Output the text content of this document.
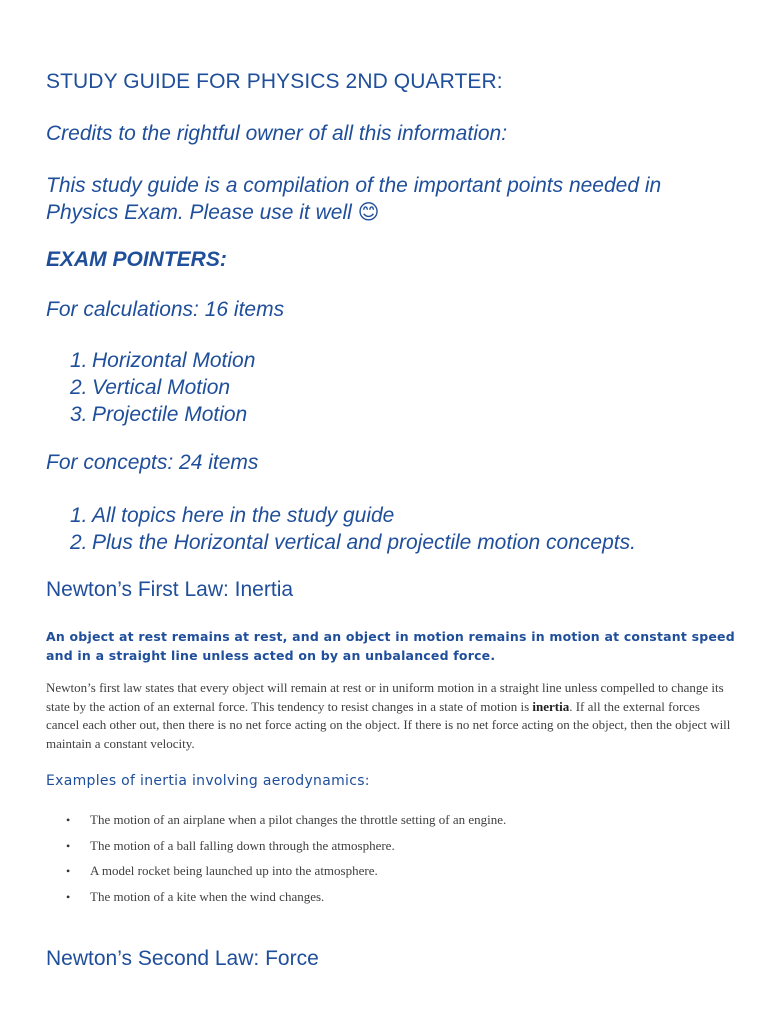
STUDY GUIDE FOR PHYSICS 2ND QUARTER:

Credits to the rightful owner of all this information:

This study guide is a compilation of the important points needed in Physics Exam. Please use it well 😊

EXAM POINTERS:

For calculations: 16 items

1. Horizontal Motion
2. Vertical Motion
3. Projectile Motion

For concepts: 24 items

1. All topics here in the study guide
2. Plus the Horizontal vertical and projectile motion concepts.
Newton’s First Law: Inertia

An object at rest remains at rest, and an object in motion remains in motion at constant speed and in a straight line unless acted on by an unbalanced force.

Newton’s first law states that every object will remain at rest or in uniform motion in a straight line unless compelled to change its state by the action of an external force. This tendency to resist changes in a state of motion is inertia. If all the external forces cancel each other out, then there is no net force acting on the object. If there is no net force acting on the object, then the object will maintain a constant velocity.

Examples of inertia involving aerodynamics:

• The motion of an airplane when a pilot changes the throttle setting of an engine.
• The motion of a ball falling down through the atmosphere.
• A model rocket being launched up into the atmosphere.
• The motion of a kite when the wind changes.
Newton’s Second Law: Force
